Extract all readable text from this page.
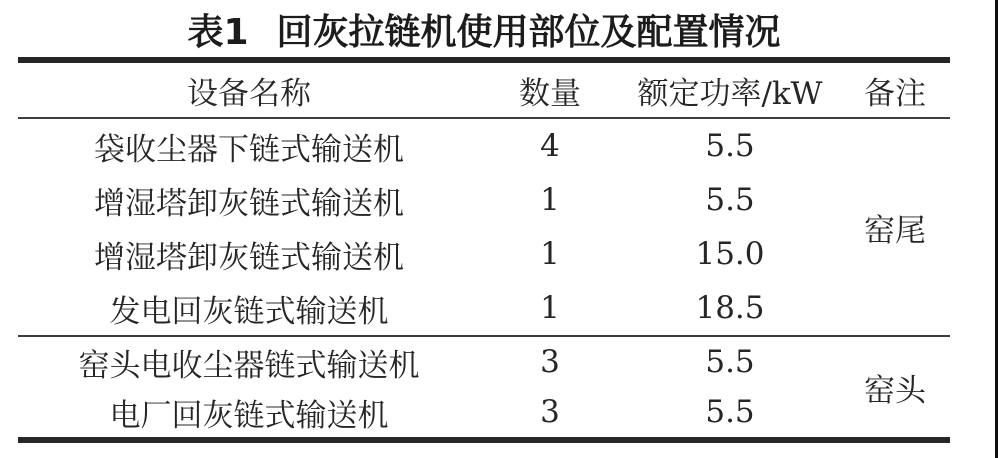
表1 回灰拉链机使用部位及配置情况
设备名称	数量	额定功率/kW	备注
袋收尘器下链式输送机	4	5.5	窑尾
增湿塔卸灰链式输送机	1	5.5	
增湿塔卸灰链式输送机	1	15.0	
发电回灰链式输送机	1	18.5	
窑头电收尘器链式输送机	3	5.5	窑头
电厂回灰链式输送机	3	5.5	
